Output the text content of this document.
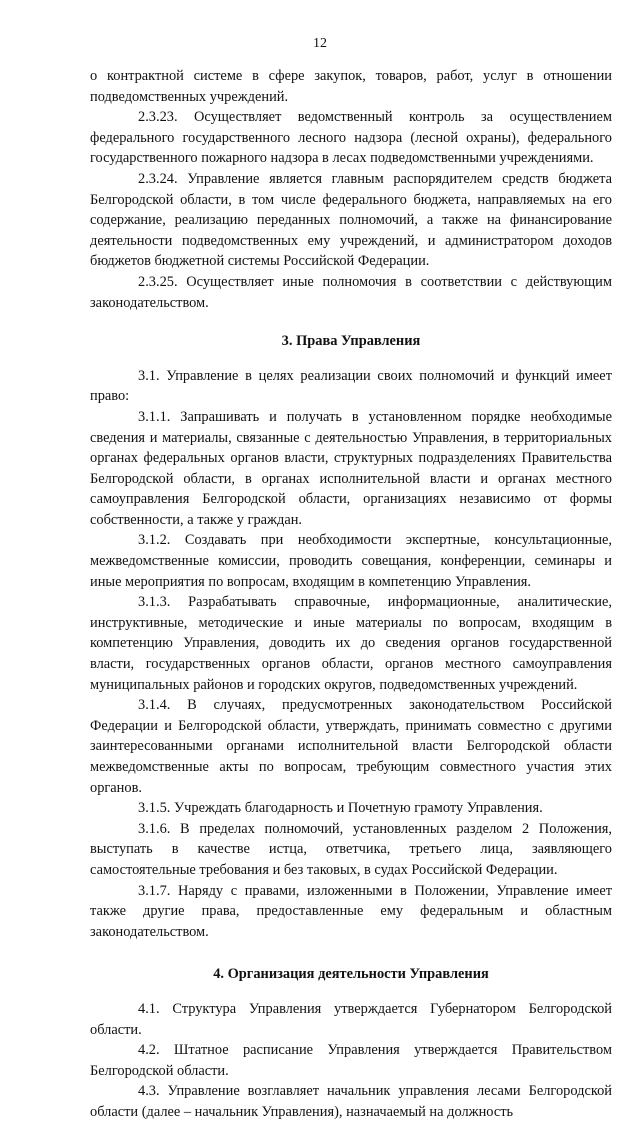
12

о контрактной системе в сфере закупок, товаров, работ, услуг в отношении подведомственных учреждений.

2.3.23. Осуществляет ведомственный контроль за осуществлением федерального государственного лесного надзора (лесной охраны), федерального государственного пожарного надзора в лесах подведомственными учреждениями.

2.3.24. Управление является главным распорядителем средств бюджета Белгородской области, в том числе федерального бюджета, направляемых на его содержание, реализацию переданных полномочий, а также на финансирование деятельности подведомственных ему учреждений, и администратором доходов бюджетов бюджетной системы Российской Федерации.

2.3.25. Осуществляет иные полномочия в соответствии с действующим законодательством.

3. Права Управления

3.1. Управление в целях реализации своих полномочий и функций имеет право:

3.1.1. Запрашивать и получать в установленном порядке необходимые сведения и материалы, связанные с деятельностью Управления, в территориальных органах федеральных органов власти, структурных подразделениях Правительства Белгородской области, в органах исполнительной власти и органах местного самоуправления Белгородской области, организациях независимо от формы собственности, а также у граждан.

3.1.2. Создавать при необходимости экспертные, консультационные, межведомственные комиссии, проводить совещания, конференции, семинары и иные мероприятия по вопросам, входящим в компетенцию Управления.

3.1.3. Разрабатывать справочные, информационные, аналитические, инструктивные, методические и иные материалы по вопросам, входящим в компетенцию Управления, доводить их до сведения органов государственной власти, государственных органов области, органов местного самоуправления муниципальных районов и городских округов, подведомственных учреждений.

3.1.4. В случаях, предусмотренных законодательством Российской Федерации и Белгородской области, утверждать, принимать совместно с другими заинтересованными органами исполнительной власти Белгородской области межведомственные акты по вопросам, требующим совместного участия этих органов.

3.1.5. Учреждать благодарность и Почетную грамоту Управления.

3.1.6. В пределах полномочий, установленных разделом 2 Положения, выступать в качестве истца, ответчика, третьего лица, заявляющего самостоятельные требования и без таковых, в судах Российской Федерации.

3.1.7. Наряду с правами, изложенными в Положении, Управление имеет также другие права, предоставленные ему федеральным и областным законодательством.

4. Организация деятельности Управления

4.1. Структура Управления утверждается Губернатором Белгородской области.

4.2. Штатное расписание Управления утверждается Правительством Белгородской области.

4.3. Управление возглавляет начальник управления лесами Белгородской области (далее – начальник Управления), назначаемый на должность
